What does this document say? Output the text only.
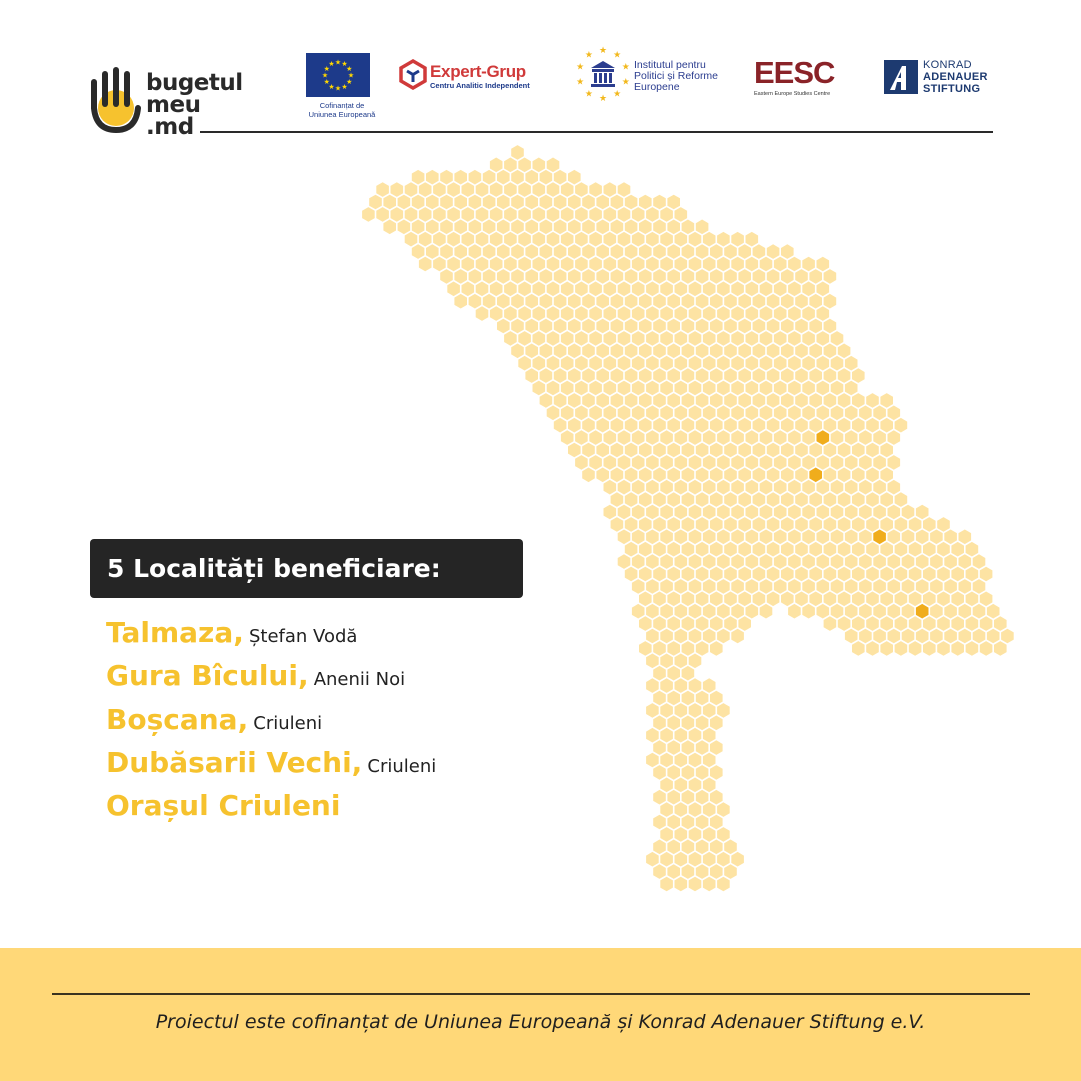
bugetul
meu
.md
★
★
★
★
★
★
★
★
★ ★ ★
★
Cofinanțat de
Uniunea Europeană
Expert-Grup
Centru Analitic Independent
★ ★
★
★
★
★
★
★
★
★
Institutul pentru
Politici și Reforme
Europene EESC
Eastern Europe Studies Centre
KONRAD
ADENAUER
STIFTUNG
5 Localități beneficiare:
Talmaza, Ștefan Vodă
Gura Bîcului, Anenii Noi
Boșcana, Criuleni
Dubăsarii Vechi, Criuleni
Orașul Criuleni
Proiectul este cofinanțat de Uniunea Europeană și Konrad Adenauer Stiftung e.V.
